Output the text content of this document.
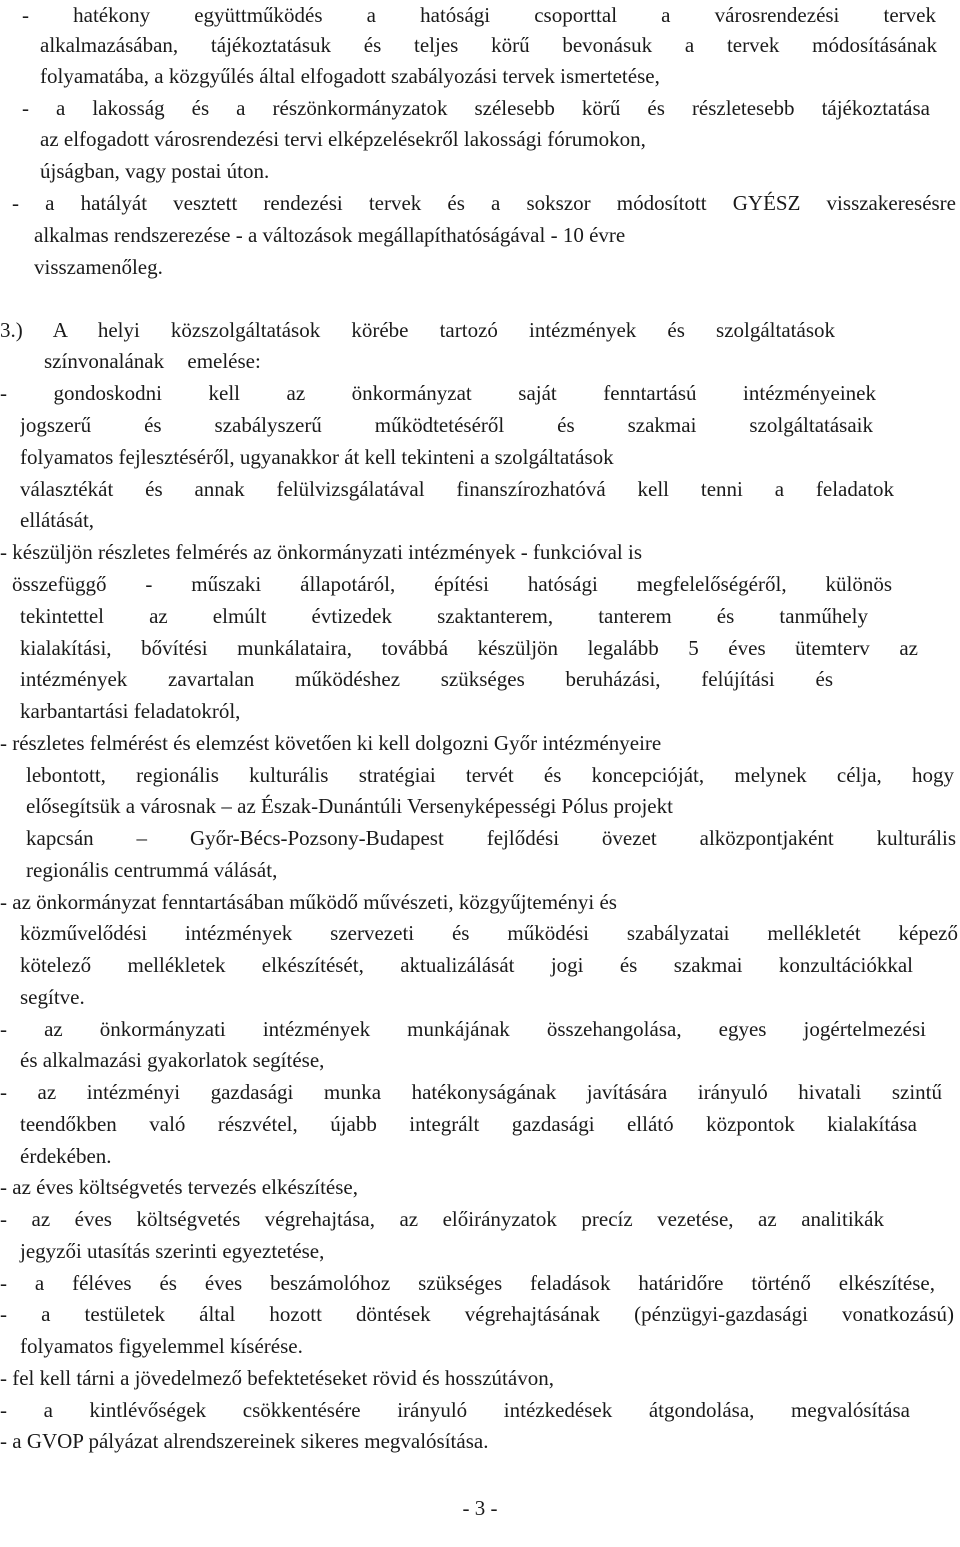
- hatékony együttműködés a hatósági csoporttal a városrendezési tervek
alkalmazásában, tájékoztatásuk és teljes körű bevonásuk a tervek módosításának
folyamatába, a közgyűlés által elfogadott szabályozási tervek ismertetése,
- a lakosság és a részönkormányzatok szélesebb körű és részletesebb tájékoztatása
az elfogadott városrendezési tervi elképzelésekről lakossági fórumokon,
újságban, vagy postai úton.
- a hatályát vesztett rendezési tervek és a sokszor módosított GYÉSZ visszakeresésre
alkalmas rendszerezése - a változások megállapíthatóságával - 10 évre
visszamenőleg.
3.) A helyi közszolgáltatások körébe tartozó intézmények és szolgáltatások
színvonalának emelése:
- gondoskodni kell az önkormányzat saját fenntartású intézményeinek
jogszerű és szabályszerű működtetéséről és szakmai szolgáltatásaik
folyamatos fejlesztéséről, ugyanakkor át kell tekinteni a szolgáltatások
választékát és annak felülvizsgálatával finanszírozhatóvá kell tenni a feladatok
ellátását,
- készüljön részletes felmérés az önkormányzati intézmények - funkcióval is
összefüggő - műszaki állapotáról, építési hatósági megfelelőségéről, különös
tekintettel az elmúlt évtizedek szaktanterem, tanterem és tanműhely
kialakítási, bővítési munkálataira, továbbá készüljön legalább 5 éves ütemterv az
intézmények zavartalan működéshez szükséges beruházási, felújítási és
karbantartási feladatokról,
- részletes felmérést és elemzést követően ki kell dolgozni Győr intézményeire
lebontott, regionális kulturális stratégiai tervét és koncepcióját, melynek célja, hogy
elősegítsük a városnak – az Észak-Dunántúli Versenyképességi Pólus projekt
kapcsán – Győr-Bécs-Pozsony-Budapest fejlődési övezet alközpontjaként kulturális
regionális centrummá válását,
- az önkormányzat fenntartásában működő művészeti, közgyűjteményi és
közművelődési intézmények szervezeti és működési szabályzatai mellékletét képező
kötelező mellékletek elkészítését, aktualizálását jogi és szakmai konzultációkkal
segítve.
- az önkormányzati intézmények munkájának összehangolása, egyes jogértelmezési
és alkalmazási gyakorlatok segítése,
- az intézményi gazdasági munka hatékonyságának javítására irányuló hivatali szintű
teendőkben való részvétel, újabb integrált gazdasági ellátó központok kialakítása
érdekében.
- az éves költségvetés tervezés elkészítése,
- az éves költségvetés végrehajtása, az előirányzatok precíz vezetése, az analitikák
jegyzői utasítás szerinti egyeztetése,
- a féléves és éves beszámolóhoz szükséges feladások határidőre történő elkészítése,
- a testületek által hozott döntések végrehajtásának (pénzügyi-gazdasági vonatkozású)
folyamatos figyelemmel kísérése.
- fel kell tárni a jövedelmező befektetéseket rövid és hosszútávon,
- a kintlévőségek csökkentésére irányuló intézkedések átgondolása, megvalósítása
- a GVOP pályázat alrendszereinek sikeres megvalósítása.
- 3 -
